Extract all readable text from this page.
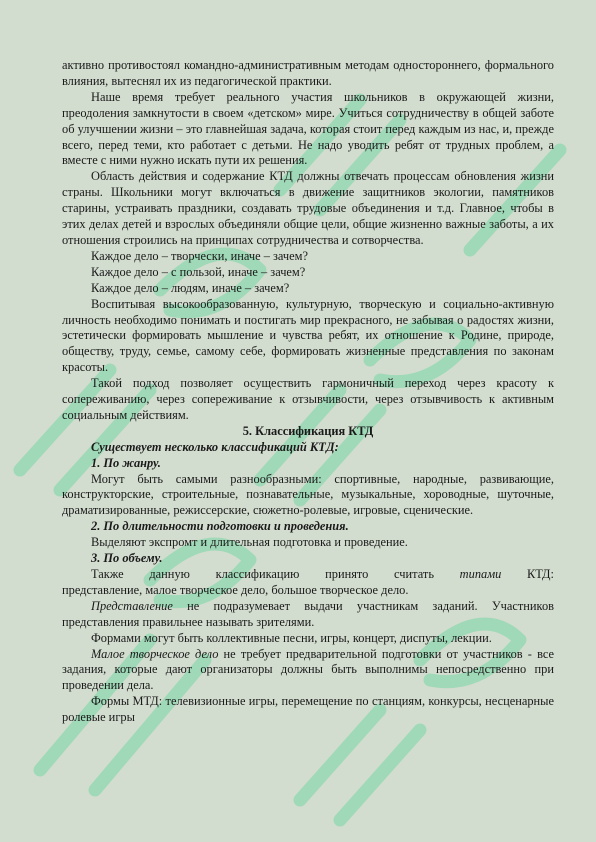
активно противостоял командно-административным методам одностороннего, формального влияния, вытеснял их из педагогической практики.

Наше время требует реального участия школьников в окружающей жизни, преодоления замкнутости в своем «детском» мире. Учиться сотрудничеству в общей заботе об улучшении жизни – это главнейшая задача, которая стоит перед каждым из нас, и, прежде всего, перед теми, кто работает с детьми. Не надо уводить ребят от трудных проблем, а вместе с ними нужно искать пути их решения.

Область действия и содержание КТД должны отвечать процессам обновления жизни страны. Школьники могут включаться в движение защитников экологии, памятников старины, устраивать праздники, создавать трудовые объединения и т.д. Главное, чтобы в этих делах детей и взрослых объединяли общие цели, общие жизненно важные заботы, а их отношения строились на принципах сотрудничества и сотворчества.

Каждое дело – творчески, иначе – зачем?

Каждое дело – с пользой, иначе – зачем?

Каждое дело – людям, иначе – зачем?

Воспитывая высокообразованную, культурную, творческую и социально-активную личность необходимо понимать и постигать мир прекрасного, не забывая о радостях жизни, эстетически формировать мышление и чувства ребят, их отношение к Родине, природе, обществу, труду, семье, самому себе, формировать жизненные представления по законам красоты.

Такой подход позволяет осуществить гармоничный переход через красоту к сопереживанию, через сопереживание к отзывчивости, через отзывчивость к активным социальным действиям.

5. Классификация КТД

Существует несколько классификаций КТД:

1. По жанру.

Могут быть самыми разнообразными: спортивные, народные, развивающие, конструкторские, строительные, познавательные, музыкальные, хороводные, шуточные, драматизированные, режиссерские, сюжетно-ролевые, игровые, сценические.

2. По длительности подготовки и проведения.

Выделяют экспромт и длительная подготовка и проведение.

3. По объему.

Также данную классификацию принято считать типами КТД:

представление, малое творческое дело, большое творческое дело.

Представление не подразумевает выдачи участникам заданий. Участников представления правильнее называть зрителями.

Формами могут быть коллективные песни, игры, концерт, диспуты, лекции.

Малое творческое дело не требует предварительной подготовки от участников - все задания, которые дают организаторы должны быть выполнимы непосредственно при проведении дела.

Формы МТД: телевизионные игры, перемещение по станциям, конкурсы, несценарные ролевые игры
